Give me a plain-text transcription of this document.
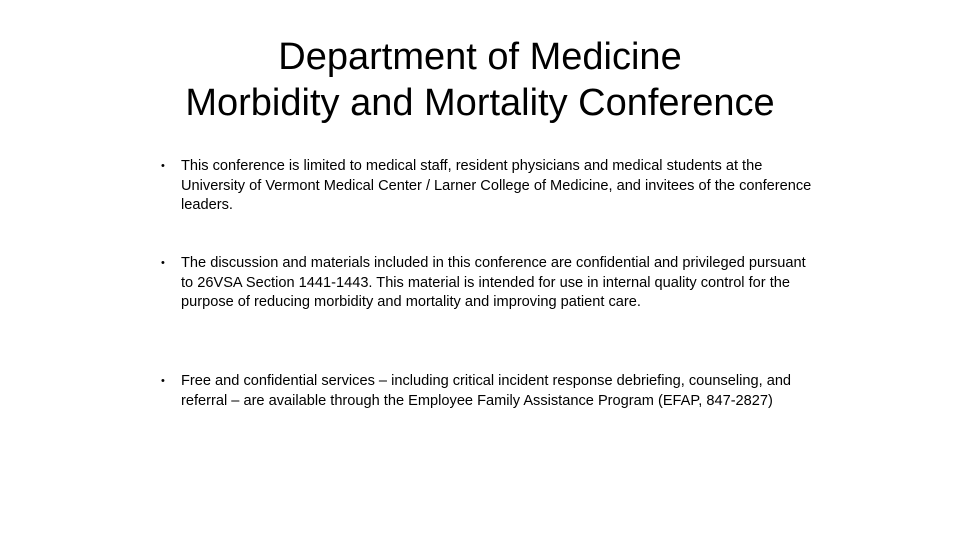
Department of Medicine
Morbidity and Mortality Conference
• This conference is limited to medical staff, resident physicians and medical students at the University of Vermont Medical Center / Larner College of Medicine, and invitees of the conference leaders.
• The discussion and materials included in this conference are confidential and privileged pursuant to 26VSA Section 1441-1443. This material is intended for use in internal quality control for the purpose of reducing morbidity and mortality and improving patient care.
• Free and confidential services – including critical incident response debriefing, counseling, and referral – are available through the Employee Family Assistance Program (EFAP, 847-2827)
